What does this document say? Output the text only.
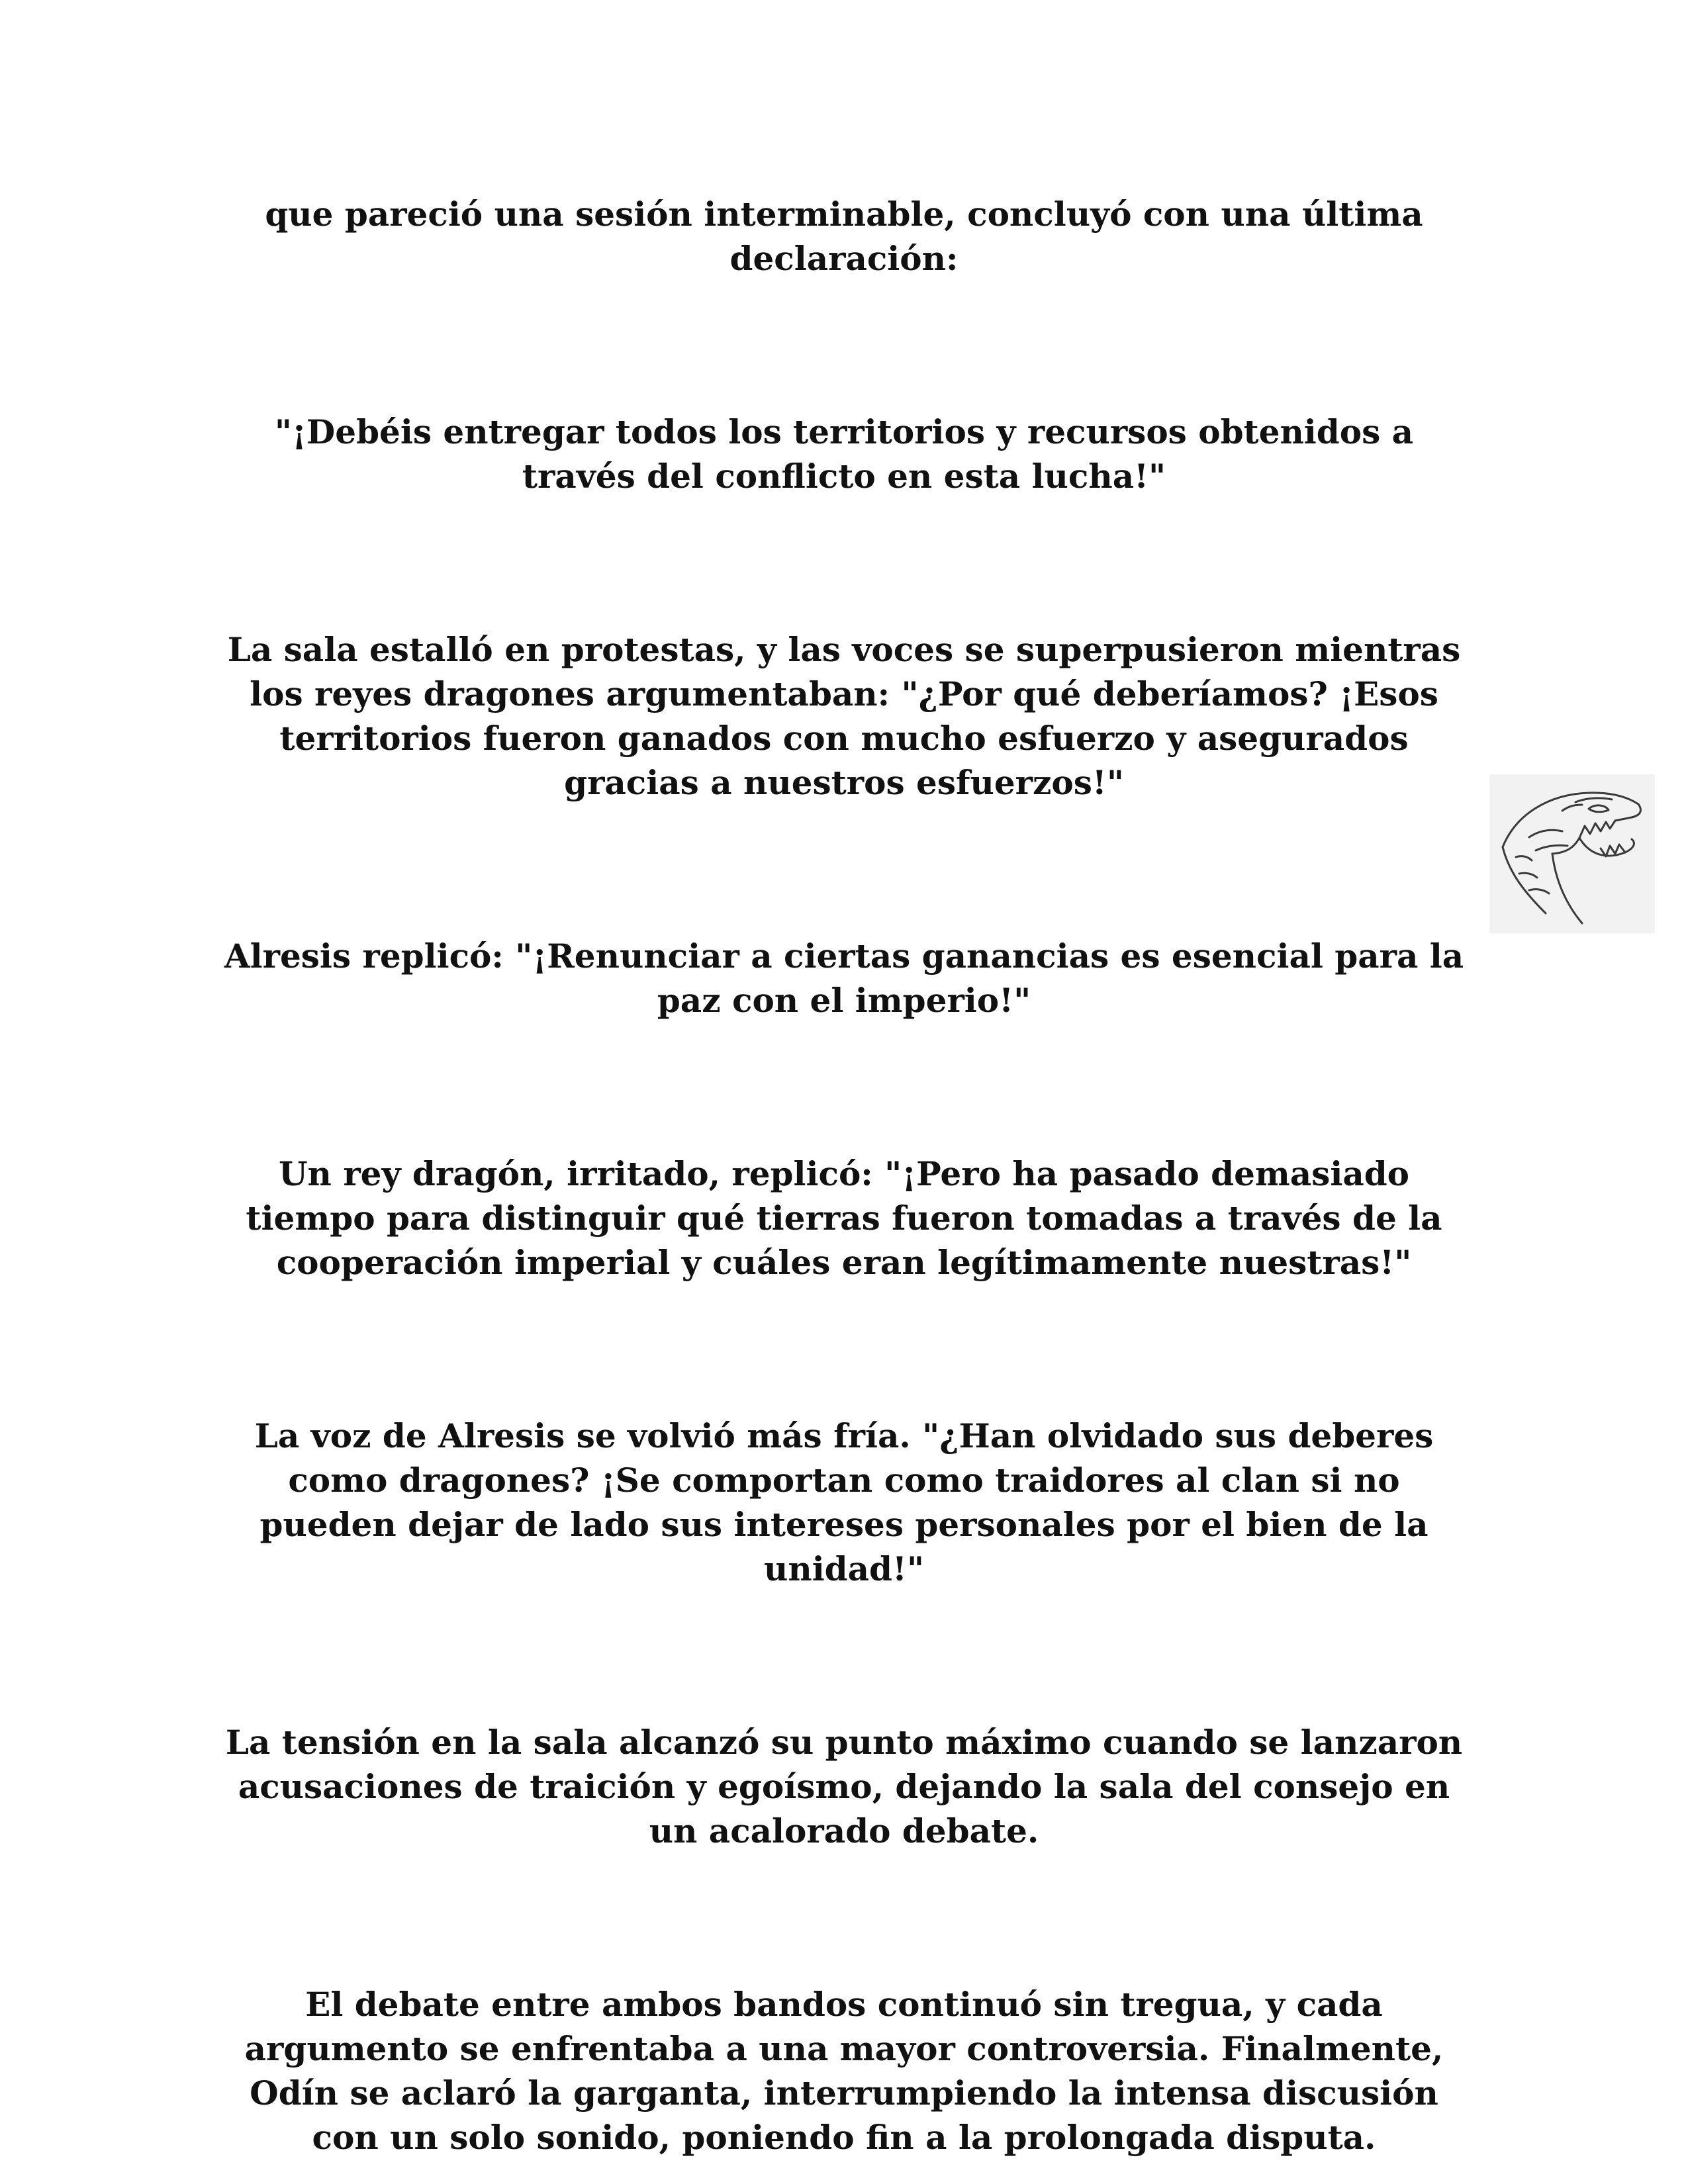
que pareció una sesión interminable, concluyó con una última declaración:

"¡Debéis entregar todos los territorios y recursos obtenidos a través del conflicto en esta lucha!"

La sala estalló en protestas, y las voces se superpusieron mientras los reyes dragones argumentaban: "¿Por qué deberíamos? ¡Esos territorios fueron ganados con mucho esfuerzo y asegurados gracias a nuestros esfuerzos!"

Alresis replicó: "¡Renunciar a ciertas ganancias es esencial para la paz con el imperio!"

Un rey dragón, irritado, replicó: "¡Pero ha pasado demasiado tiempo para distinguir qué tierras fueron tomadas a través de la cooperación imperial y cuáles eran legítimamente nuestras!"

La voz de Alresis se volvió más fría. "¿Han olvidado sus deberes como dragones? ¡Se comportan como traidores al clan si no pueden dejar de lado sus intereses personales por el bien de la unidad!"

La tensión en la sala alcanzó su punto máximo cuando se lanzaron acusaciones de traición y egoísmo, dejando la sala del consejo en un acalorado debate.

El debate entre ambos bandos continuó sin tregua, y cada argumento se enfrentaba a una mayor controversia. Finalmente, Odín se aclaró la garganta, interrumpiendo la intensa discusión con un solo sonido, poniendo fin a la prolongada disputa.
